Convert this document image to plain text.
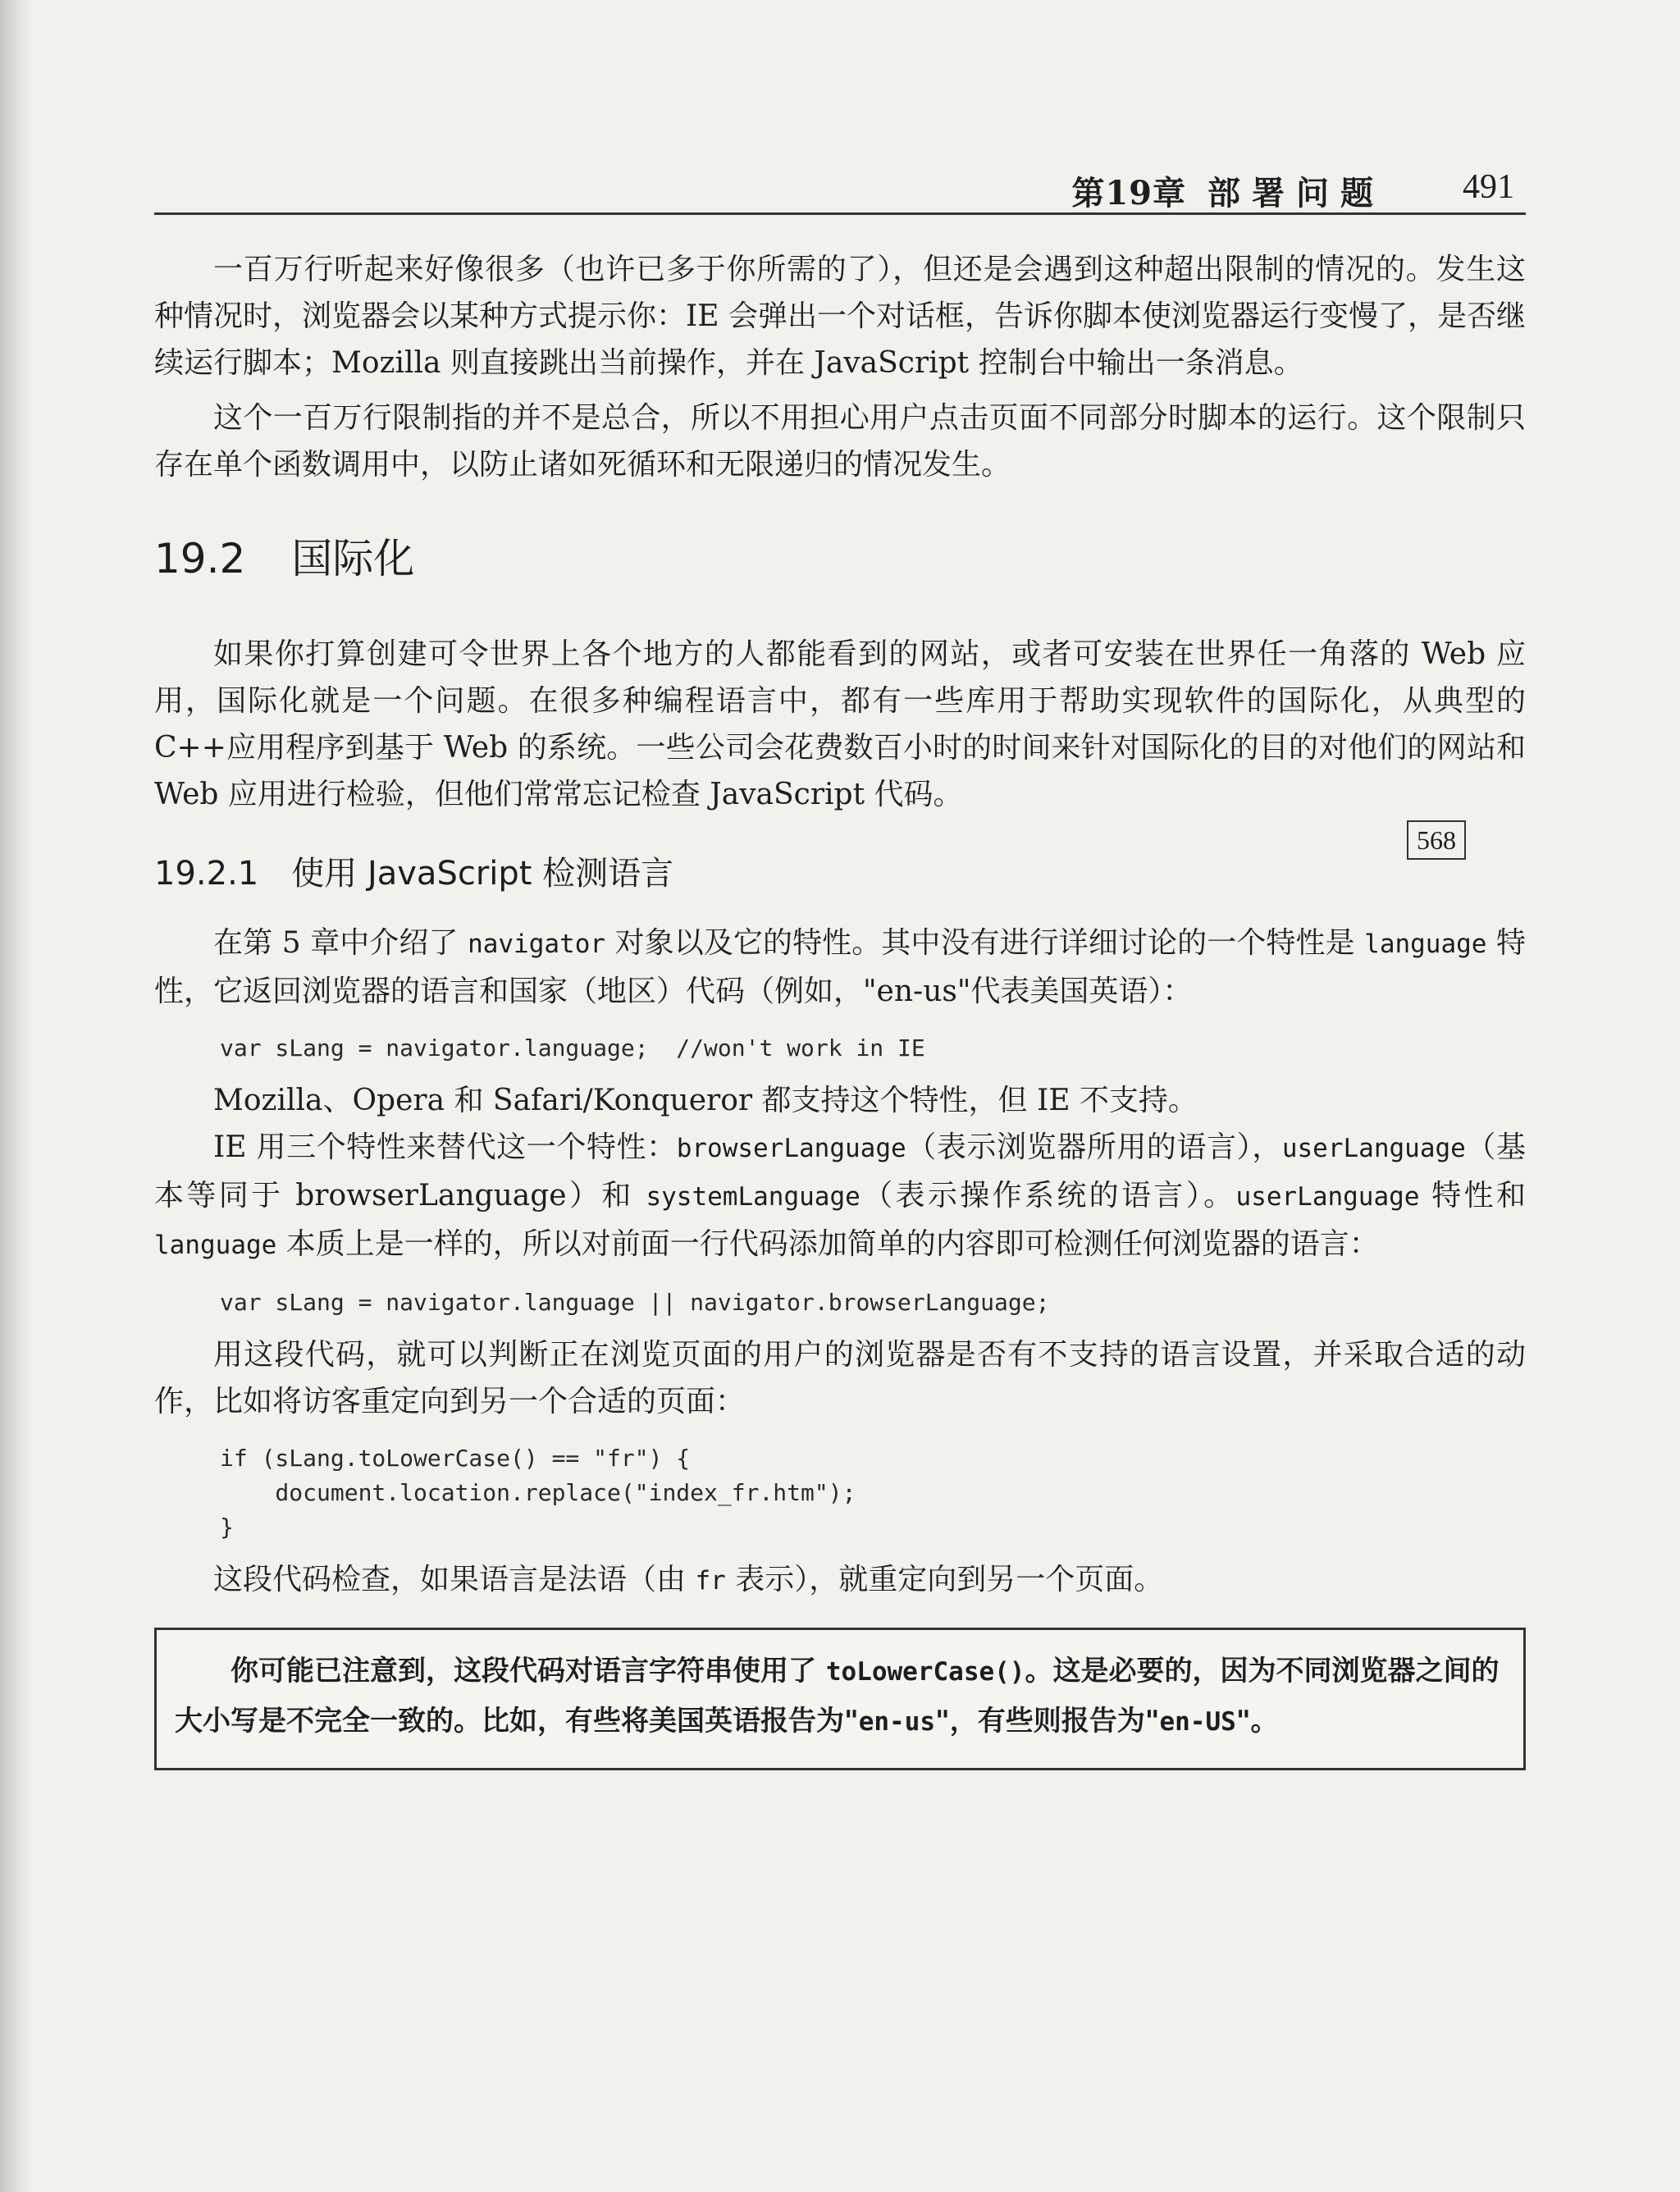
第19章 部署问题 491

一百万行听起来好像很多（也许已多于你所需的了），但还是会遇到这种超出限制的情况的。发生这种情况时，浏览器会以某种方式提示你：IE 会弹出一个对话框，告诉你脚本使浏览器运行变慢了，是否继续运行脚本；Mozilla 则直接跳出当前操作，并在 JavaScript 控制台中输出一条消息。

这个一百万行限制指的并不是总合，所以不用担心用户点击页面不同部分时脚本的运行。这个限制只存在单个函数调用中，以防止诸如死循环和无限递归的情况发生。

19.2 国际化

如果你打算创建可令世界上各个地方的人都能看到的网站，或者可安装在世界任一角落的 Web 应用，国际化就是一个问题。在很多种编程语言中，都有一些库用于帮助实现软件的国际化，从典型的 C++应用程序到基于 Web 的系统。一些公司会花费数百小时的时间来针对国际化的目的对他们的网站和 Web 应用进行检验，但他们常常忘记检查 JavaScript 代码。

19.2.1 使用 JavaScript 检测语言

在第 5 章中介绍了 navigator 对象以及它的特性。其中没有进行详细讨论的一个特性是 language 特性，它返回浏览器的语言和国家（地区）代码（例如，"en-us"代表美国英语）：

var sLang = navigator.language;  //won't work in IE

Mozilla、Opera 和 Safari/Konqueror 都支持这个特性，但 IE 不支持。

IE 用三个特性来替代这一个特性：browserLanguage（表示浏览器所用的语言），userLanguage（基本等同于 browserLanguage）和 systemLanguage（表示操作系统的语言）。userLanguage 特性和 language 本质上是一样的，所以对前面一行代码添加简单的内容即可检测任何浏览器的语言：

var sLang = navigator.language || navigator.browserLanguage;

用这段代码，就可以判断正在浏览页面的用户的浏览器是否有不支持的语言设置，并采取合适的动作，比如将访客重定向到另一个合适的页面：

if (sLang.toLowerCase() == "fr") {
document.location.replace("index_fr.htm");
}

这段代码检查，如果语言是法语（由 fr 表示），就重定向到另一个页面。

你可能已注意到，这段代码对语言字符串使用了 toLowerCase()。这是必要的，因为不同浏览器之间的大小写是不完全一致的。比如，有些将美国英语报告为"en-us"，有些则报告为"en-US"。
568
